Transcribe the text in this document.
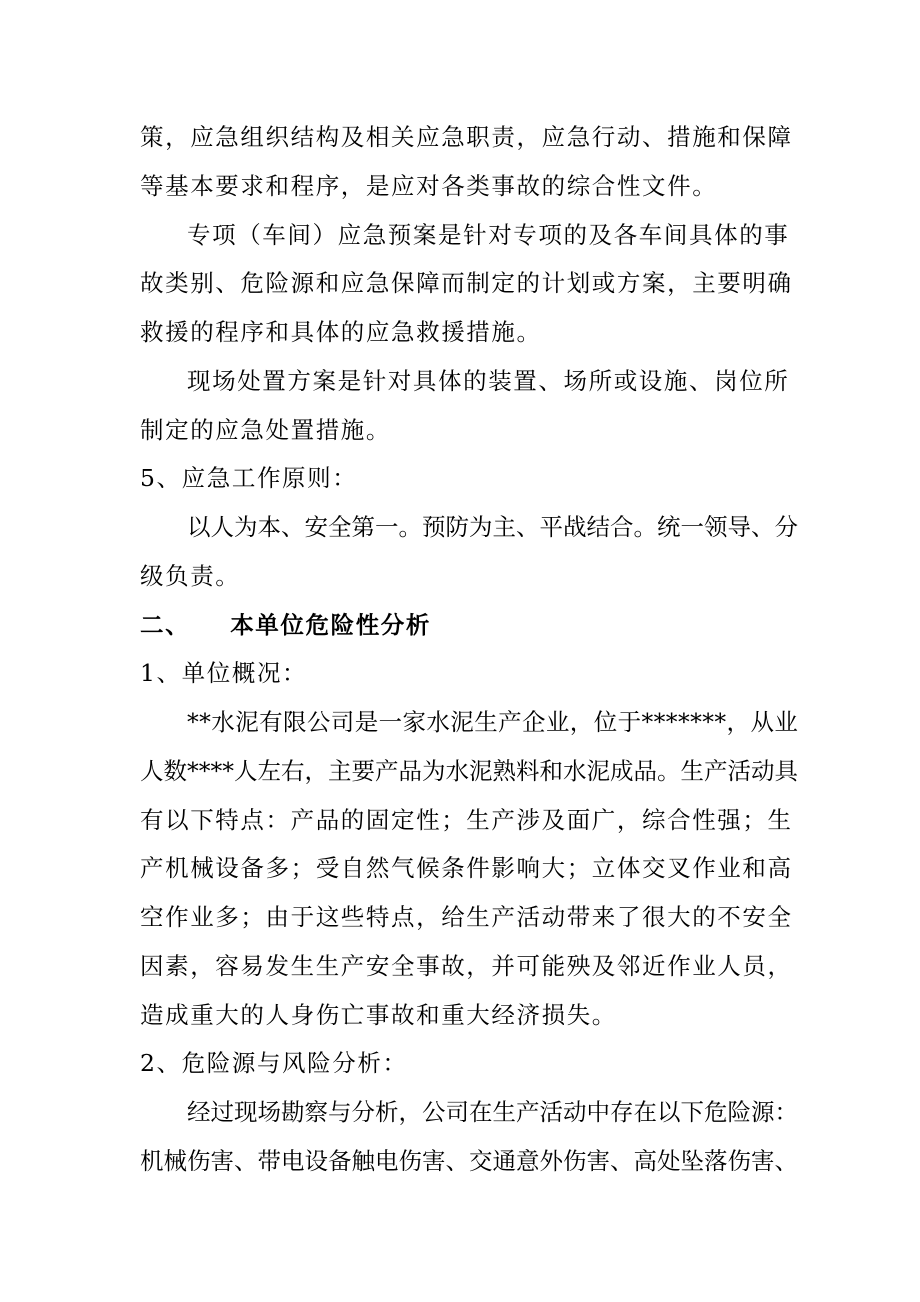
策，应急组织结构及相关应急职责，应急行动、措施和保障
等基本要求和程序，是应对各类事故的综合性文件。
专项（车间）应急预案是针对专项的及各车间具体的事
故类别、危险源和应急保障而制定的计划或方案，主要明确
救援的程序和具体的应急救援措施。
现场处置方案是针对具体的装置、场所或设施、岗位所
制定的应急处置措施。
5、应急工作原则：
以人为本、安全第一。预防为主、平战结合。统一领导、分
级负责。
二、 本单位危险性分析
1、单位概况：
**水泥有限公司是一家水泥生产企业，位于*******，从业
人数****人左右，主要产品为水泥熟料和水泥成品。生产活动具
有以下特点：产品的固定性；生产涉及面广，综合性强；生
产机械设备多；受自然气候条件影响大；立体交叉作业和高
空作业多；由于这些特点，给生产活动带来了很大的不安全
因素，容易发生生产安全事故，并可能殃及邻近作业人员，
造成重大的人身伤亡事故和重大经济损失。
2、危险源与风险分析：
经过现场勘察与分析，公司在生产活动中存在以下危险源：
机械伤害、带电设备触电伤害、交通意外伤害、高处坠落伤害、
